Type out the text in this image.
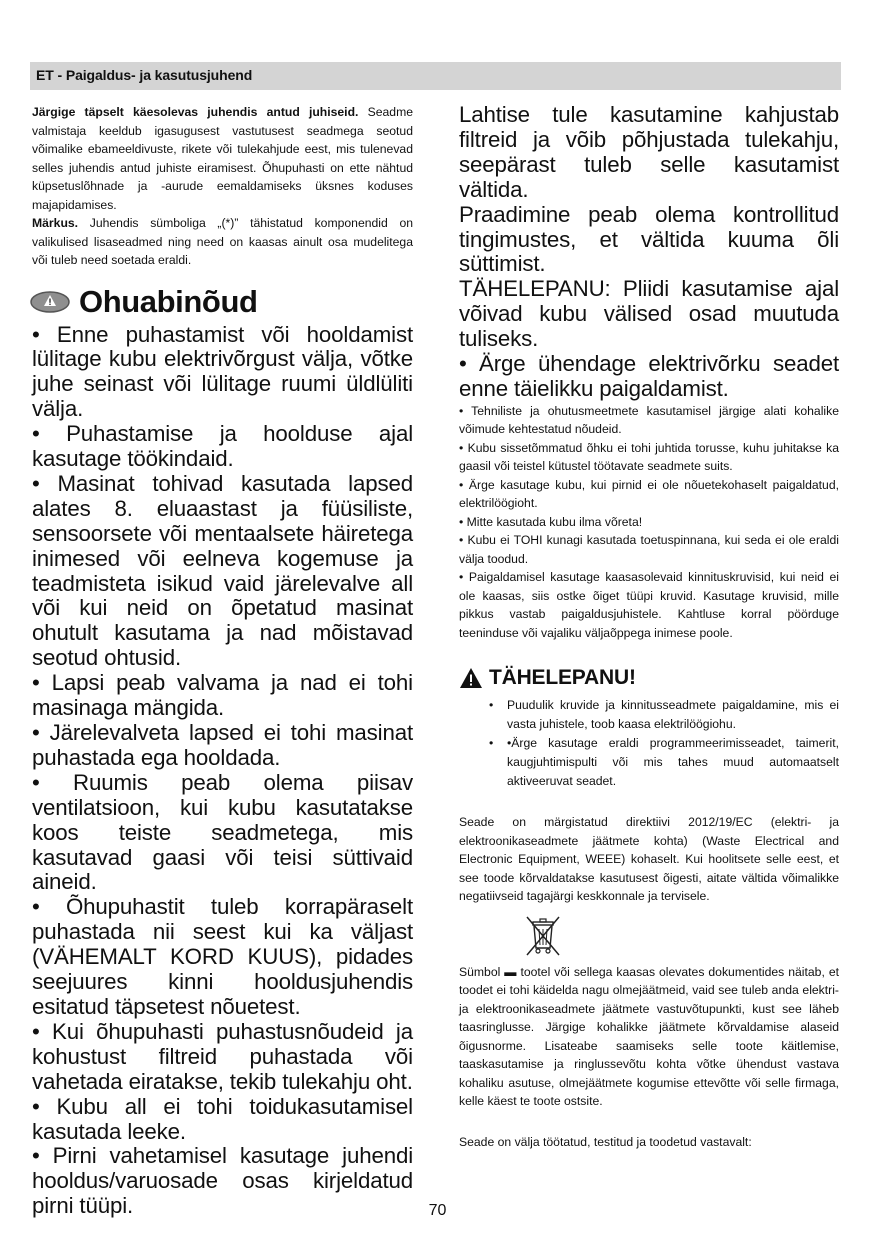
ET - Paigaldus- ja kasutusjuhend

Järgige täpselt käesolevas juhendis antud juhiseid. Seadme valmistaja keeldub igasugusest vastutusest seadmega seotud võimalike ebameeldivuste, rikete või tulekahjude eest, mis tulenevad selles juhendis antud juhiste eiramisest. Õhupuhasti on ette nähtud küpsetuslõhnade ja -aurude eemaldamiseks üksnes koduses majapidamises.

Märkus. Juhendis sümboliga „(*)” tähistatud komponendid on valikulised lisaseadmed ning need on kaasas ainult osa mudelitega või tuleb need soetada eraldi.

Ohuabinõud

• Enne puhastamist või hooldamist lülitage kubu elektrivõrgust välja, võtke juhe seinast või lülitage ruumi üldlüliti välja.

• Puhastamise ja hoolduse ajal kasutage töökindaid.

• Masinat tohivad kasutada lapsed alates 8. eluaastast ja füüsiliste, sensoorsete või mentaalsete häiretega inimesed või eelneva kogemuse ja teadmisteta isikud vaid järelevalve all või kui neid on õpetatud masinat ohutult kasutama ja nad mõistavad seotud ohtusid.

• Lapsi peab valvama ja nad ei tohi masinaga mängida.

• Järelevalveta lapsed ei tohi masinat puhastada ega hooldada.

• Ruumis peab olema piisav ventilatsioon, kui kubu kasutatakse koos teiste seadmetega, mis kasutavad gaasi või teisi süttivaid aineid.

• Õhupuhastit tuleb korrapäraselt puhastada nii seest kui ka väljast (VÄHEMALT KORD KUUS), pidades seejuures kinni hooldusjuhendis esitatud täpsetest nõuetest.

• Kui õhupuhasti puhastusnõudeid ja kohustust filtreid puhastada või vahetada eiratakse, tekib tulekahju oht.

• Kubu all ei tohi toidukasutamisel kasutada leeke.

• Pirni vahetamisel kasutage juhendi hooldus/varuosade osas kirjeldatud pirni tüüpi.

Lahtise tule kasutamine kahjustab filtreid ja võib põhjustada tulekahju, seepärast tuleb selle kasutamist vältida.

Praadimine peab olema kontrollitud tingimustes, et vältida kuuma õli süttimist.

TÄHELEPANU: Pliidi kasutamise ajal võivad kubu välised osad muutuda tuliseks.

• Ärge ühendage elektrivõrku seadet enne täielikku paigaldamist.

• Tehniliste ja ohutusmeetmete kasutamisel järgige alati kohalike võimude kehtestatud nõudeid.

• Kubu sissetõmmatud õhku ei tohi juhtida torusse, kuhu juhitakse ka gaasil või teistel kütustel töötavate seadmete suits.

• Ärge kasutage kubu, kui pirnid ei ole nõuetekohaselt paigaldatud, elektrilöögioht.

• Mitte kasutada kubu ilma võreta!

• Kubu ei TOHI kunagi kasutada toetuspinnana, kui seda ei ole eraldi välja toodud.

• Paigaldamisel kasutage kaasasolevaid kinnituskruvisid, kui neid ei ole kaasas, siis ostke õiget tüüpi kruvid. Kasutage kruvisid, mille pikkus vastab paigaldusjuhistele. Kahtluse korral pöörduge teeninduse või vajaliku väljaõppega inimese poole.

TÄHELEPANU!
• Puudulik kruvide ja kinnitusseadmete paigaldamine, mis ei vasta juhistele, toob kaasa elektrilöögiohu.
• •Ärge kasutage eraldi programmeerimisseadet, taimerit, kaugjuhtimispulti või mis tahes muud automaatselt aktiveeruvat seadet.

Seade on märgistatud direktiivi 2012/19/EC (elektri- ja elektroonikaseadmete jäätmete kohta) (Waste Electrical and Electronic Equipment, WEEE) kohaselt. Kui hoolitsete selle eest, et see toode kõrvaldatakse kasutusest õigesti, aitate vältida võimalikke negatiivseid tagajärgi keskkonnale ja tervisele.

Sümbol ▬ tootel või sellega kaasas olevates dokumentides näitab, et toodet ei tohi käidelda nagu olmejäätmeid, vaid see tuleb anda elektri- ja elektroonikaseadmete jäätmete vastuvõtupunkti, kust see läheb taasringlusse. Järgige kohalikke jäätmete kõrvaldamise alaseid õigusnorme. Lisateabe saamiseks selle toote käitlemise, taaskasutamise ja ringlussevõtu kohta võtke ühendust vastava kohaliku asutuse, olmejäätmete kogumise ettevõtte või selle firmaga, kelle käest te toote ostsite.

Seade on välja töötatud, testitud ja toodetud vastavalt:

70
